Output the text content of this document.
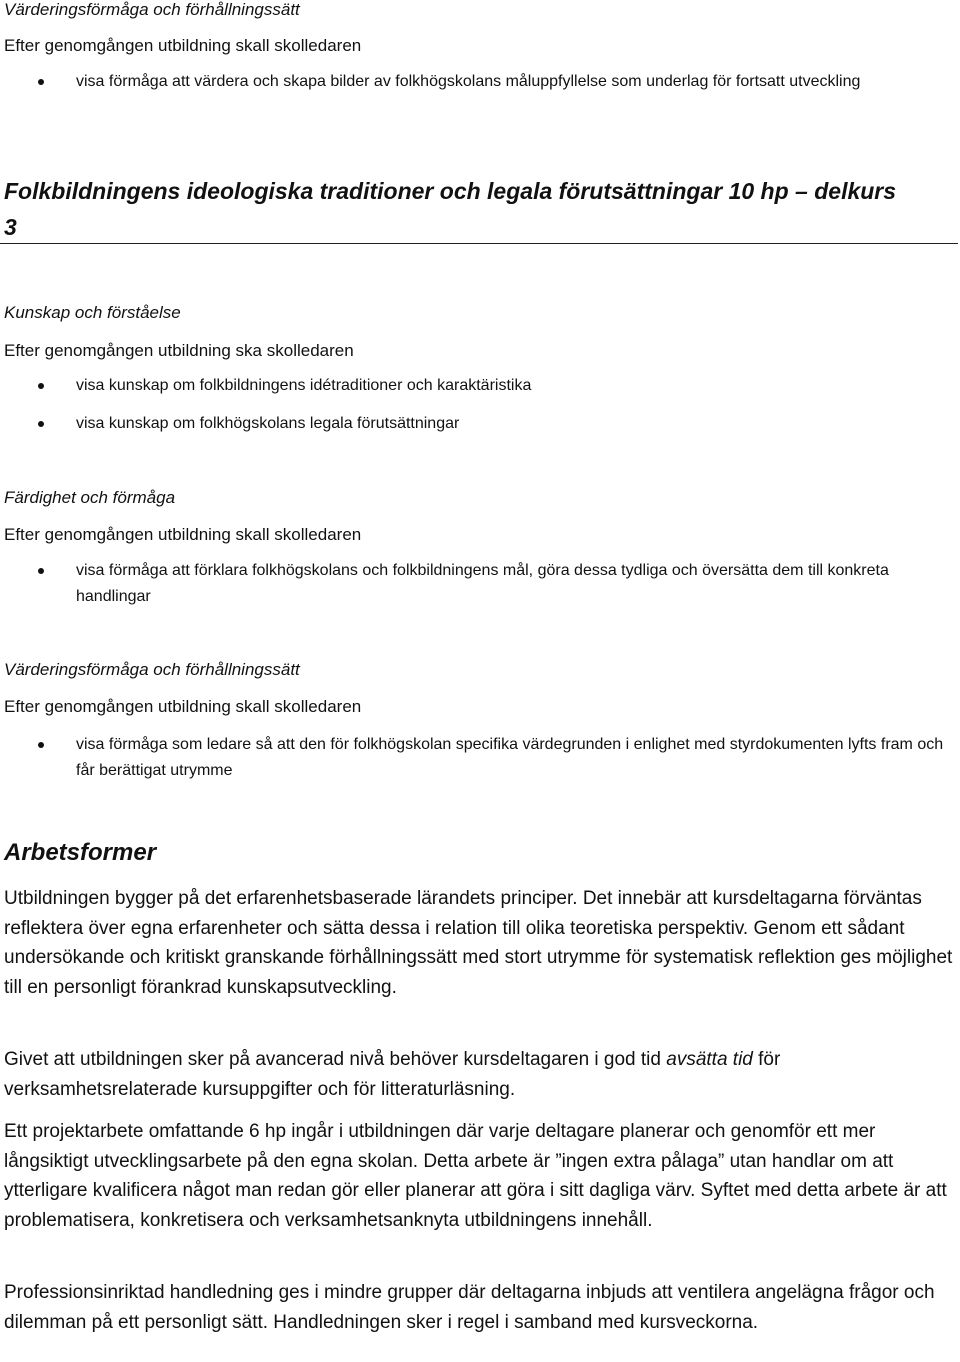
Värderingsförmåga och förhållningssätt
Efter genomgången utbildning skall skolledaren
visa förmåga att värdera och skapa bilder av folkhögskolans måluppfyllelse som underlag för fortsatt utveckling
Folkbildningens ideologiska traditioner och legala förutsättningar 10 hp – delkurs 3
Kunskap och förståelse
Efter genomgången utbildning ska skolledaren
visa kunskap om folkbildningens idétraditioner och karaktäristika
visa kunskap om folkhögskolans legala förutsättningar
Färdighet och förmåga
Efter genomgången utbildning skall skolledaren
visa förmåga att förklara folkhögskolans och folkbildningens mål, göra dessa tydliga och översätta dem till konkreta handlingar
Värderingsförmåga och förhållningssätt
Efter genomgången utbildning skall skolledaren
visa förmåga som ledare så att den för folkhögskolan specifika värdegrunden i enlighet med styrdokumenten lyfts fram och får berättigat utrymme
Arbetsformer
Utbildningen bygger på det erfarenhetsbaserade lärandets principer. Det innebär att kursdeltagarna förväntas reflektera över egna erfarenheter och sätta dessa i relation till olika teoretiska perspektiv. Genom ett sådant undersökande och kritiskt granskande förhållningssätt med stort utrymme för systematisk reflektion ges möjlighet till en personligt förankrad kunskapsutveckling.
Givet att utbildningen sker på avancerad nivå behöver kursdeltagaren i god tid avsätta tid för verksamhetsrelaterade kursuppgifter och för litteraturläsning.
Ett projektarbete omfattande 6 hp ingår i utbildningen där varje deltagare planerar och genomför ett mer långsiktigt utvecklingsarbete på den egna skolan. Detta arbete är ”ingen extra pålaga” utan handlar om att ytterligare kvalificera något man redan gör eller planerar att göra i sitt dagliga värv. Syftet med detta arbete är att problematisera, konkretisera och verksamhetsanknyta utbildningens innehåll.
Professionsinriktad handledning ges i mindre grupper där deltagarna inbjuds att ventilera angelägna frågor och dilemman på ett personligt sätt. Handledningen sker i regel i samband med kursveckorna.
